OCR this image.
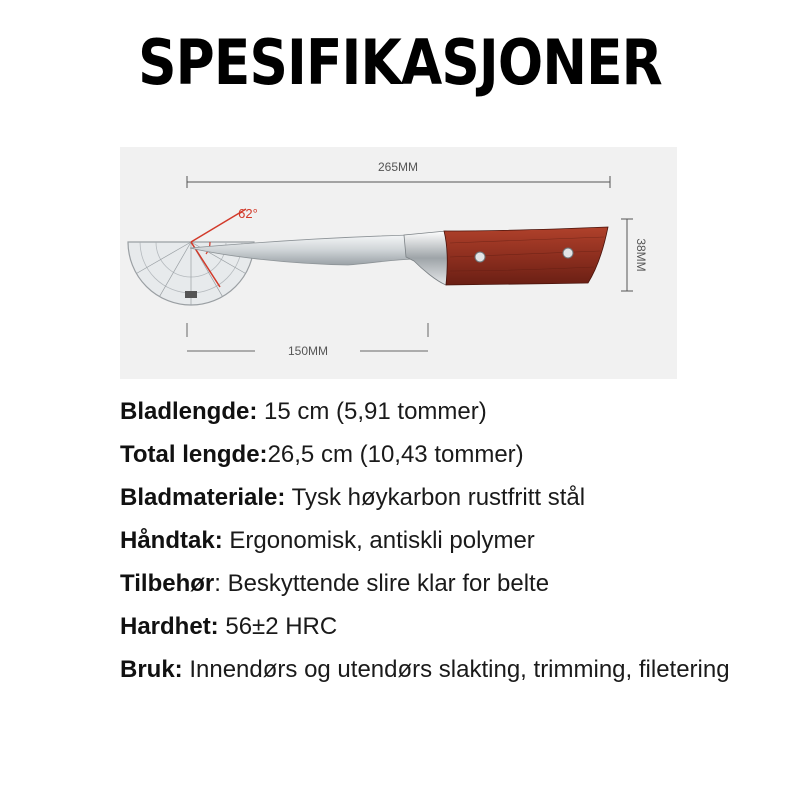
SPESIFIKASJONER
265MM
38MM
150MM
62°
Bladlengde: 15 cm (5,91 tommer)
Total lengde:26,5 cm (10,43 tommer)
Bladmateriale: Tysk høykarbon rustfritt stål
Håndtak: Ergonomisk, antiskli polymer
Tilbehør: Beskyttende slire klar for belte
Hardhet: 56±2 HRC
Bruk: Innendørs og utendørs slakting, trimming, filetering
